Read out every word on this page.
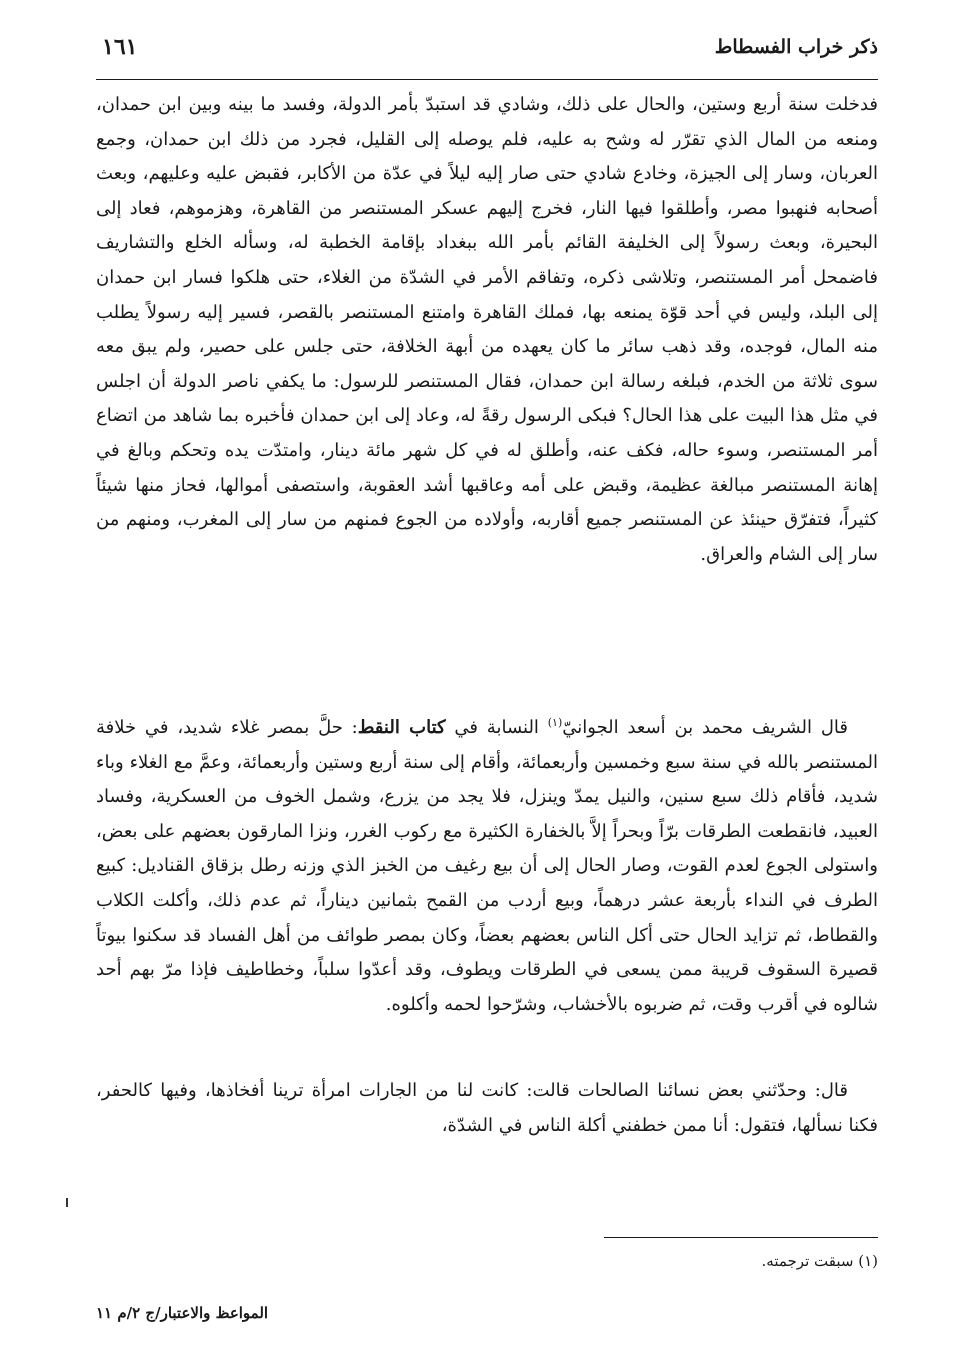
ذكر خراب الفسطاط
١٦١

فدخلت سنة أربع وستين، والحال على ذلك، وشادي قد استبدّ بأمر الدولة، وفسد ما بينه وبين ابن حمدان، ومنعه من المال الذي تقرّر له وشح به عليه، فلم يوصله إلى القليل، فجرد من ذلك ابن حمدان، وجمع العربان، وسار إلى الجيزة، وخادع شادي حتى صار إليه ليلاً في عدّة من الأكابر، فقبض عليه وعليهم، وبعث أصحابه فنهبوا مصر، وأطلقوا فيها النار، فخرج إليهم عسكر المستنصر من القاهرة، وهزموهم، فعاد إلى البحيرة، وبعث رسولاً إلى الخليفة القائم بأمر الله ببغداد بإقامة الخطبة له، وسأله الخلع والتشاريف فاضمحل أمر المستنصر، وتلاشى ذكره، وتفاقم الأمر في الشدّة من الغلاء، حتى هلكوا فسار ابن حمدان إلى البلد، وليس في أحد قوّة يمنعه بها، فملك القاهرة وامتنع المستنصر بالقصر، فسير إليه رسولاً يطلب منه المال، فوجده، وقد ذهب سائر ما كان يعهده من أبهة الخلافة، حتى جلس على حصير، ولم يبق معه سوى ثلاثة من الخدم، فبلغه رسالة ابن حمدان، فقال المستنصر للرسول: ما يكفي ناصر الدولة أن اجلس في مثل هذا البيت على هذا الحال؟ فبكى الرسول رقةً له، وعاد إلى ابن حمدان فأخبره بما شاهد من اتضاع أمر المستنصر، وسوء حاله، فكف عنه، وأطلق له في كل شهر مائة دينار، وامتدّت يده وتحكم وبالغ في إهانة المستنصر مبالغة عظيمة، وقبض على أمه وعاقبها أشد العقوبة، واستصفى أموالها، فحاز منها شيئاً كثيراً، فتفرّق حينئذ عن المستنصر جميع أقاربه، وأولاده من الجوع فمنهم من سار إلى المغرب، ومنهم من سار إلى الشام والعراق.

قال الشريف محمد بن أسعد الجوانيّ$^{(١)}$ النسابة في كتاب النقط: حلَّ بمصر غلاء شديد، في خلافة المستنصر بالله في سنة سبع وخمسين وأربعمائة، وأقام إلى سنة أربع وستين وأربعمائة، وعمَّ مع الغلاء وباء شديد، فأقام ذلك سبع سنين، والنيل يمدّ وينزل، فلا يجد من يزرع، وشمل الخوف من العسكرية، وفساد العبيد، فانقطعت الطرقات برّاً وبحراً إلاَّ بالخفارة الكثيرة مع ركوب الغرر، ونزا المارقون بعضهم على بعض، واستولى الجوع لعدم القوت، وصار الحال إلى أن بيع رغيف من الخبز الذي وزنه رطل بزقاق القناديل: كبيع الطرف في النداء بأربعة عشر درهماً، وبيع أردب من القمح بثمانين ديناراً، ثم عدم ذلك، وأكلت الكلاب والقطاط، ثم تزايد الحال حتى أكل الناس بعضهم بعضاً، وكان بمصر طوائف من أهل الفساد قد سكنوا بيوتاً قصيرة السقوف قريبة ممن يسعى في الطرقات ويطوف، وقد أعدّوا سلباً، وخطاطيف فإذا مرّ بهم أحد شالوه في أقرب وقت، ثم ضربوه بالأخشاب، وشرّحوا لحمه وأكلوه.

قال: وحدّثني بعض نسائنا الصالحات قالت: كانت لنا من الجارات امرأة ترينا أفخاذها، وفيها كالحفر، فكنا نسألها، فتقول: أنا ممن خطفني أكلة الناس في الشدّة،

(١) سبقت ترجمته.
المواعظ والاعتبار/ج ٢/م ١١
